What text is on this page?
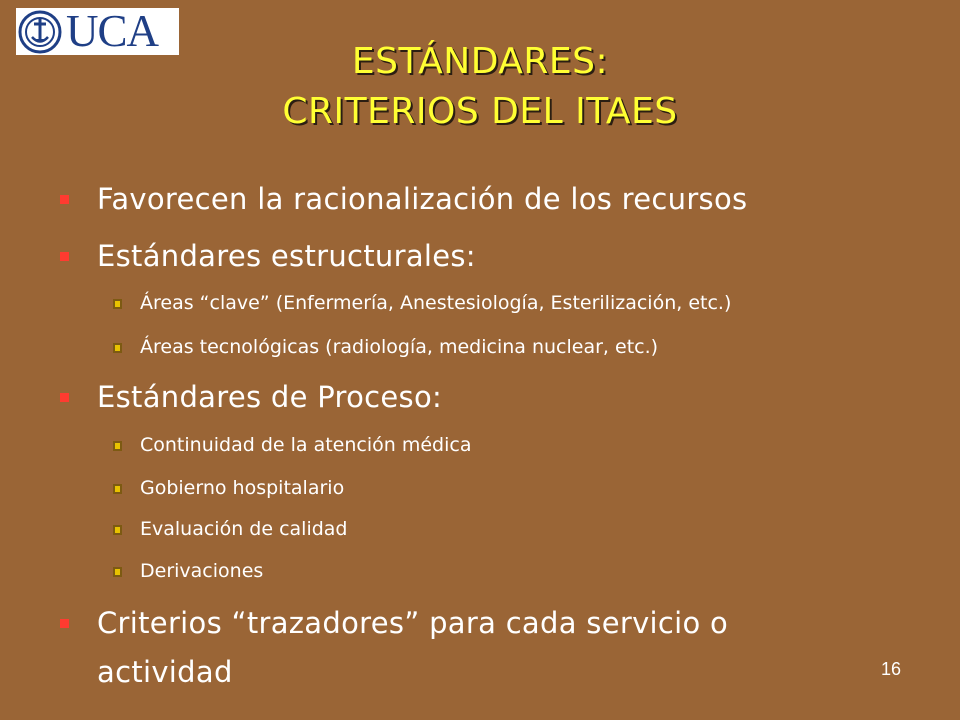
UCA
ESTÁNDARES:
CRITERIOS DEL ITAES
Favorecen la racionalización de los recursos
Estándares estructurales:
Áreas “clave” (Enfermería, Anestesiología, Esterilización, etc.)
Áreas tecnológicas (radiología, medicina nuclear, etc.)
Estándares de Proceso:
Continuidad de la atención médica
Gobierno hospitalario
Evaluación de calidad
Derivaciones
Criterios “trazadores” para cada servicio o
actividad	16
